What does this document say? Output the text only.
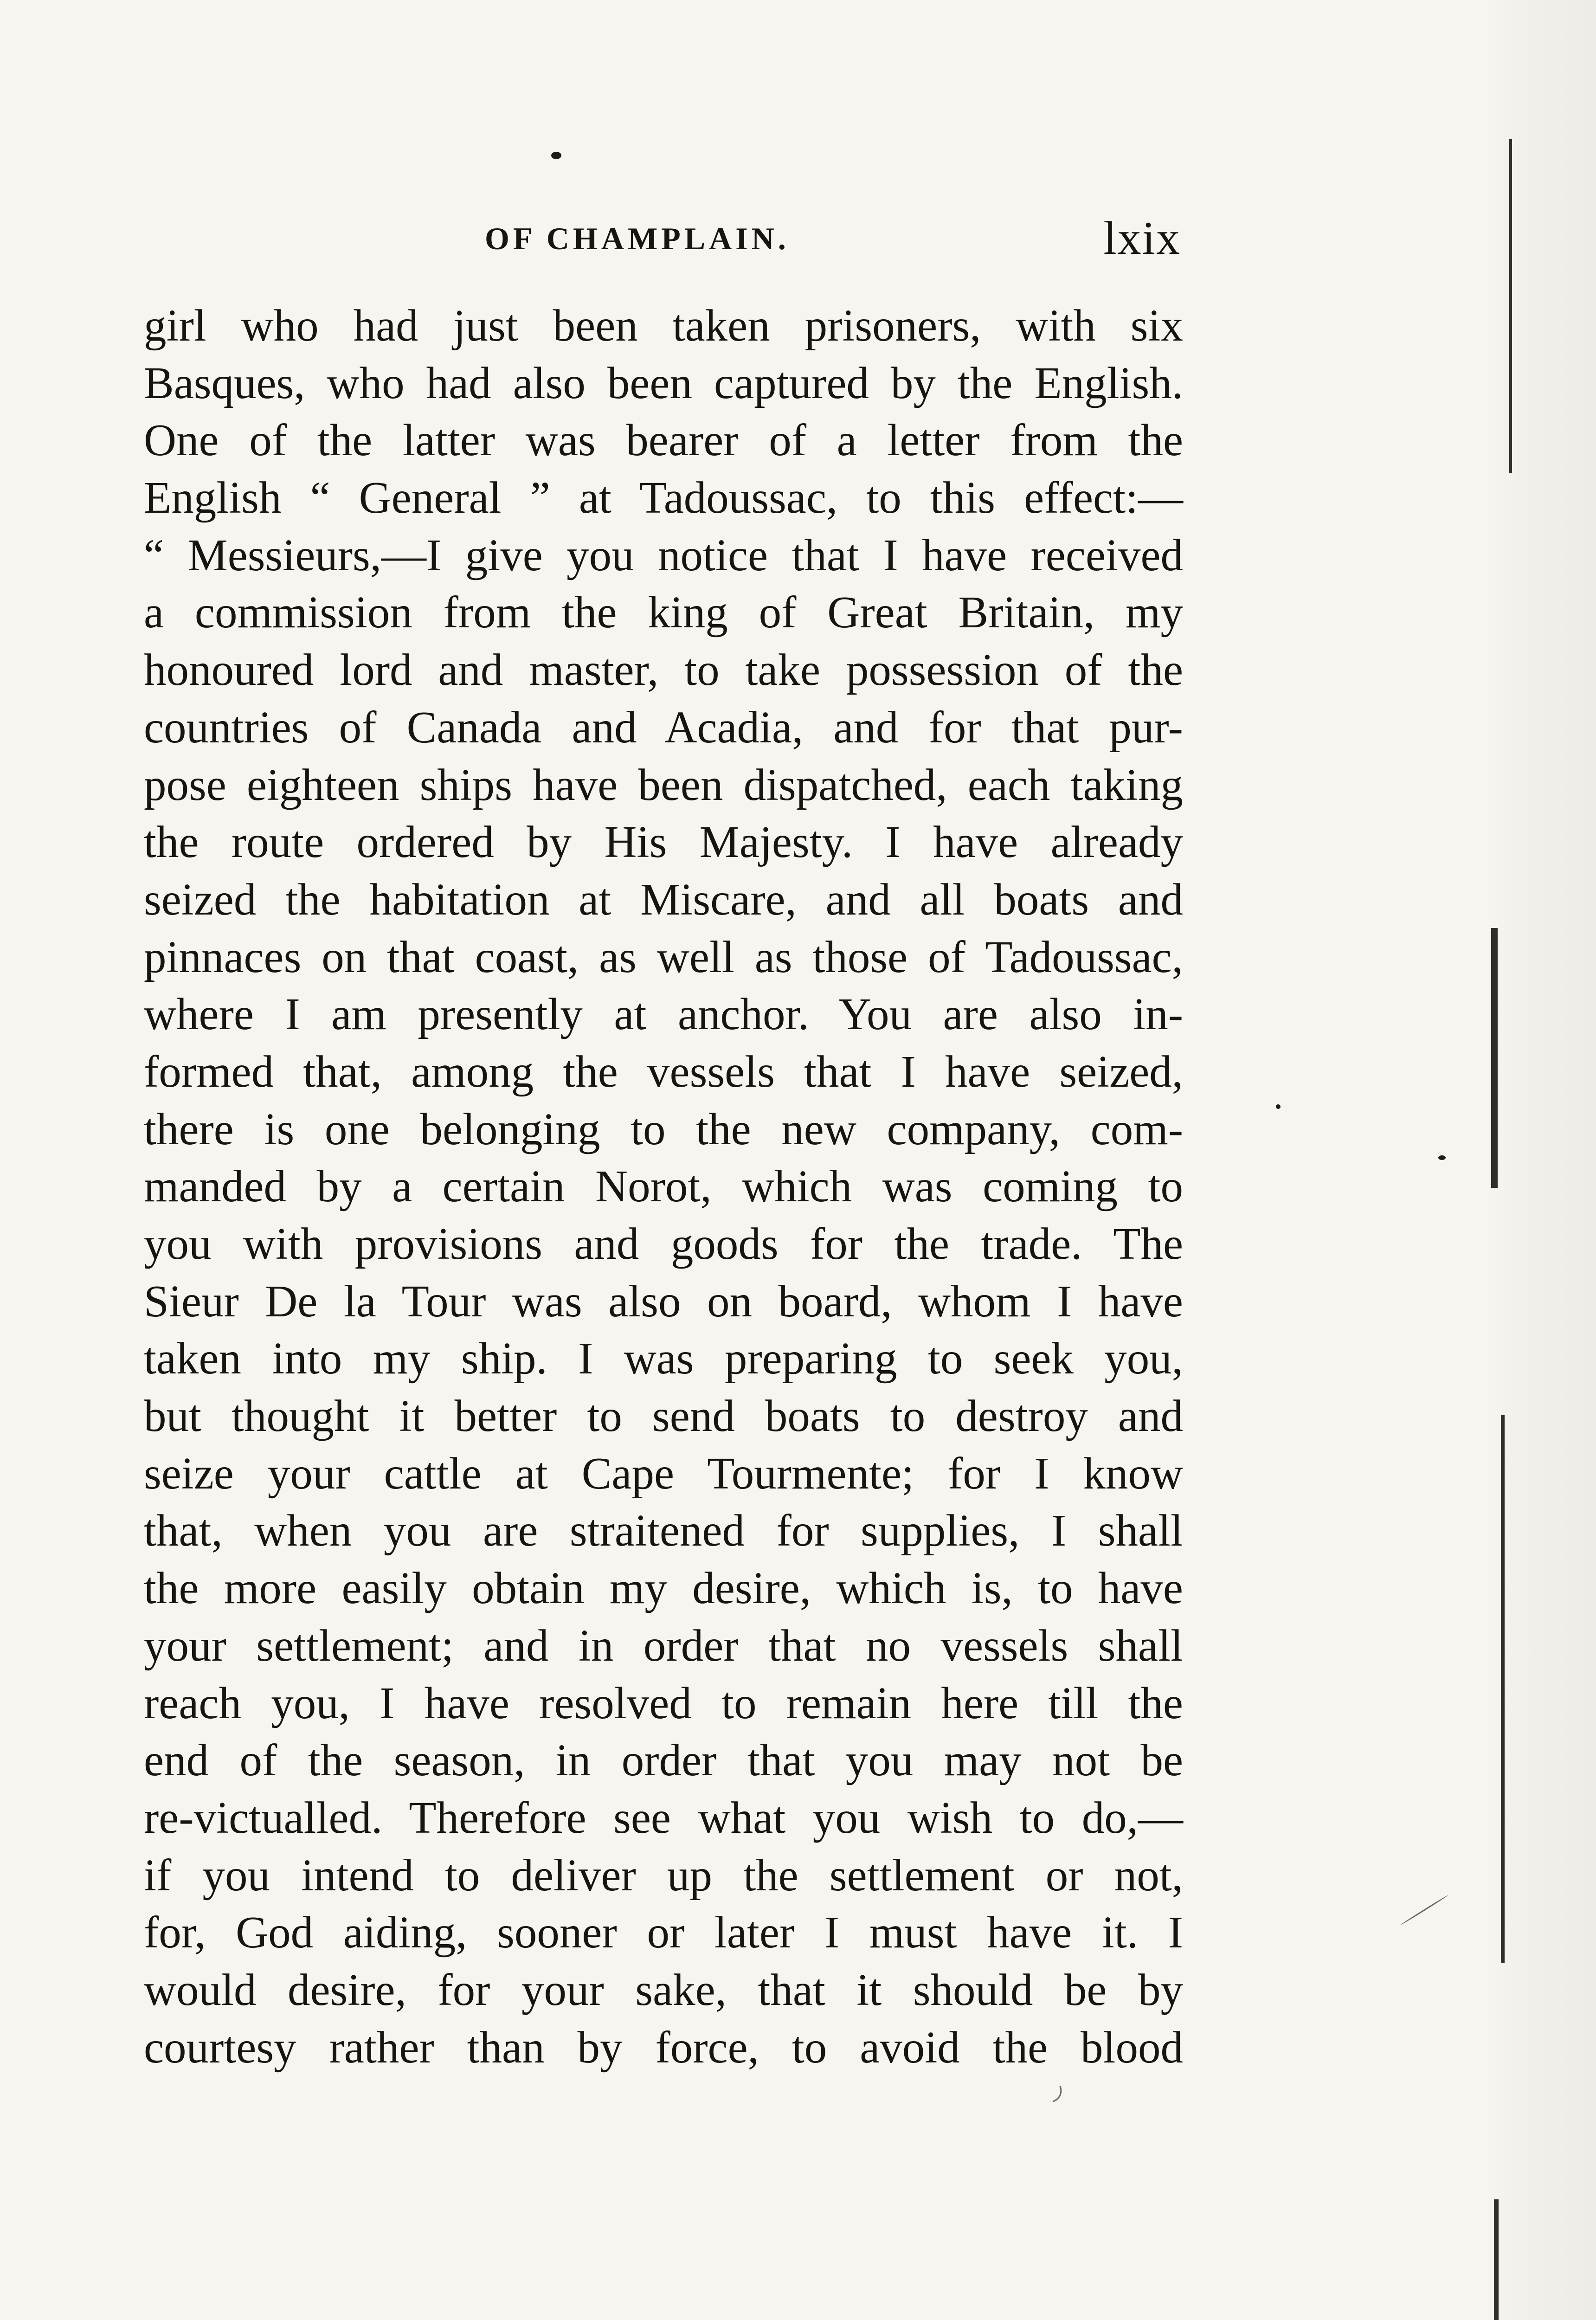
OF CHAMPLAIN.	lxix
girl who had just been taken prisoners, with six
Basques, who had also been captured by the English.
One of the latter was bearer of a letter from the
English “ General ” at Tadoussac, to this effect:—
“ Messieurs,—I give you notice that I have received
a commission from the king of Great Britain, my
honoured lord and master, to take possession of the
countries of Canada and Acadia, and for that pur-
pose eighteen ships have been dispatched, each taking
the route ordered by His Majesty. I have already
seized the habitation at Miscare, and all boats and
pinnaces on that coast, as well as those of Tadoussac,
where I am presently at anchor. You are also in-
formed that, among the vessels that I have seized,
there is one belonging to the new company, com-
manded by a certain Norot, which was coming to
you with provisions and goods for the trade. The
Sieur De la Tour was also on board, whom I have
taken into my ship. I was preparing to seek you,
but thought it better to send boats to destroy and
seize your cattle at Cape Tourmente; for I know
that, when you are straitened for supplies, I shall
the more easily obtain my desire, which is, to have
your settlement; and in order that no vessels shall
reach you, I have resolved to remain here till the
end of the season, in order that you may not be
re-victualled. Therefore see what you wish to do,—
if you intend to deliver up the settlement or not,
for, God aiding, sooner or later I must have it. I
would desire, for your sake, that it should be by
courtesy rather than by force, to avoid the blood
